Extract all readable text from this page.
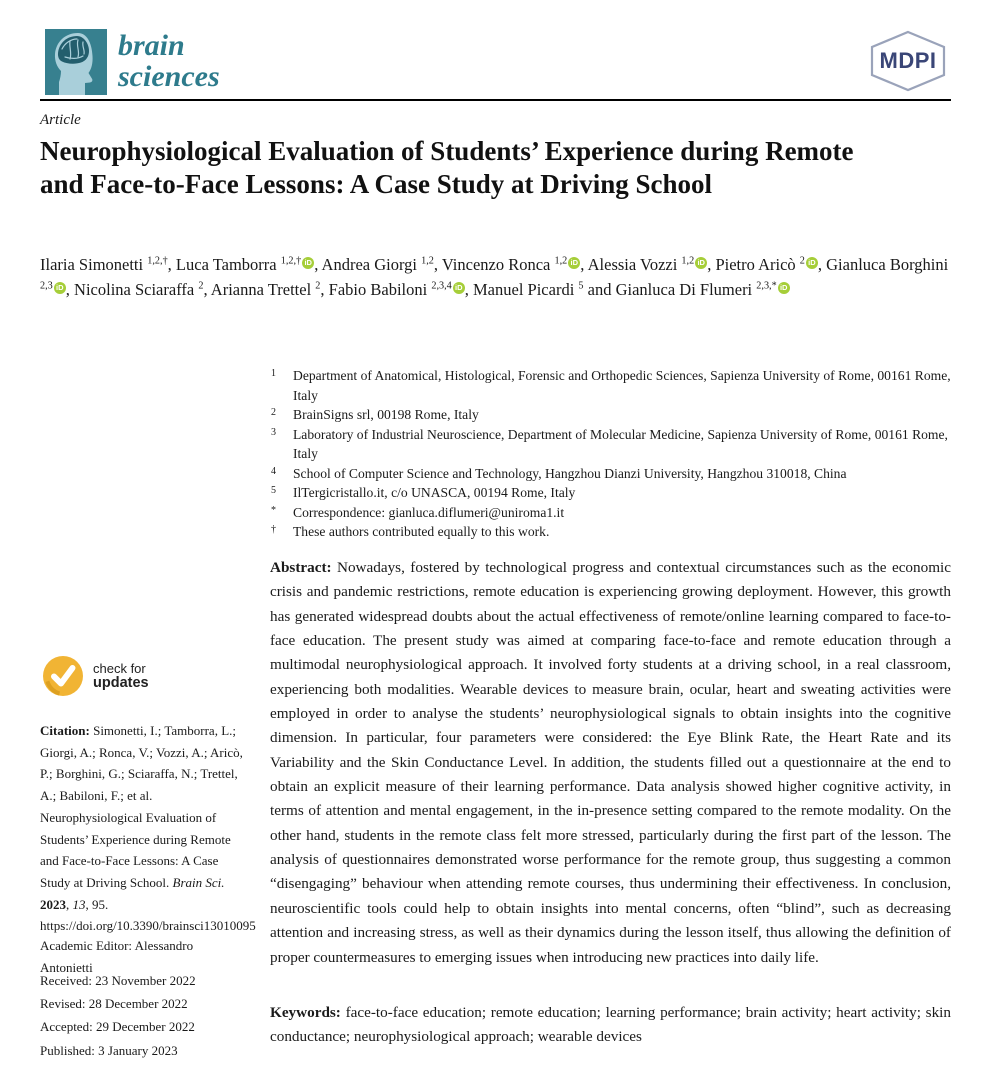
brain
sciences	MDPI
Article
Neurophysiological Evaluation of Students’ Experience during Remote and Face-to-Face Lessons: A Case Study at Driving School
Ilaria Simonetti $^{1,2,\dagger}$, Luca Tamborra $^{1,2,\dagger}$ iD , Andrea Giorgi $^{1,2}$, Vincenzo Ronca $^{1,2}$ iD , Alessia Vozzi $^{1,2}$ iD , Pietro Aricò $^2$ iD , Gianluca Borghini $^{2,3}$ iD , Nicolina Sciaraffa $^2$, Arianna Trettel $^2$, Fabio Babiloni $^{2,3,4}$ iD , Manuel Picardi $^5$ and Gianluca Di Flumeri $^{2,3,*}$ iD
1	Department of Anatomical, Histological, Forensic and Orthopedic Sciences, Sapienza University of Rome, 00161 Rome, Italy
2	BrainSigns srl, 00198 Rome, Italy
3	Laboratory of Industrial Neuroscience, Department of Molecular Medicine, Sapienza University of Rome, 00161 Rome, Italy
4	School of Computer Science and Technology, Hangzhou Dianzi University, Hangzhou 310018, China
5	IlTergicristallo.it, c/o UNASCA, 00194 Rome, Italy
*	Correspondence: gianluca.diflumeri@uniroma1.it
†	These authors contributed equally to this work.
Abstract: Nowadays, fostered by technological progress and contextual circumstances such as the economic crisis and pandemic restrictions, remote education is experiencing growing deployment. However, this growth has generated widespread doubts about the actual effectiveness of remote/online learning compared to face-to-face education. The present study was aimed at comparing face-to-face and remote education through a multimodal neurophysiological approach. It involved forty students at a driving school, in a real classroom, experiencing both modalities. Wearable devices to measure brain, ocular, heart and sweating activities were employed in order to analyse the students’ neurophysiological signals to obtain insights into the cognitive dimension. In particular, four parameters were considered: the Eye Blink Rate, the Heart Rate and its Variability and the Skin Conductance Level. In addition, the students filled out a questionnaire at the end to obtain an explicit measure of their learning performance. Data analysis showed higher cognitive activity, in terms of attention and mental engagement, in the in-presence setting compared to the remote modality. On the other hand, students in the remote class felt more stressed, particularly during the first part of the lesson. The analysis of questionnaires demonstrated worse performance for the remote group, thus suggesting a common “disengaging” behaviour when attending remote courses, thus undermining their effectiveness. In conclusion, neuroscientific tools could help to obtain insights into mental concerns, often “blind”, such as decreasing attention and increasing stress, as well as their dynamics during the lesson itself, thus allowing the definition of proper countermeasures to emerging issues when introducing new practices into daily life.
Keywords: face-to-face education; remote education; learning performance; brain activity; heart activity; skin conductance; neurophysiological approach; wearable devices
check for
updates

Citation: Simonetti, I.; Tamborra, L.; Giorgi, A.; Ronca, V.; Vozzi, A.; Aricò, P.; Borghini, G.; Sciaraffa, N.; Trettel, A.; Babiloni, F.; et al. Neurophysiological Evaluation of Students’ Experience during Remote and Face-to-Face Lessons: A Case Study at Driving School. Brain Sci. 2023, 13, 95. https://doi.org/10.3390/brainsci13010095

Academic Editor: Alessandro Antonietti

Received: 23 November 2022
Revised: 28 December 2022
Accepted: 29 December 2022
Published: 3 January 2023
